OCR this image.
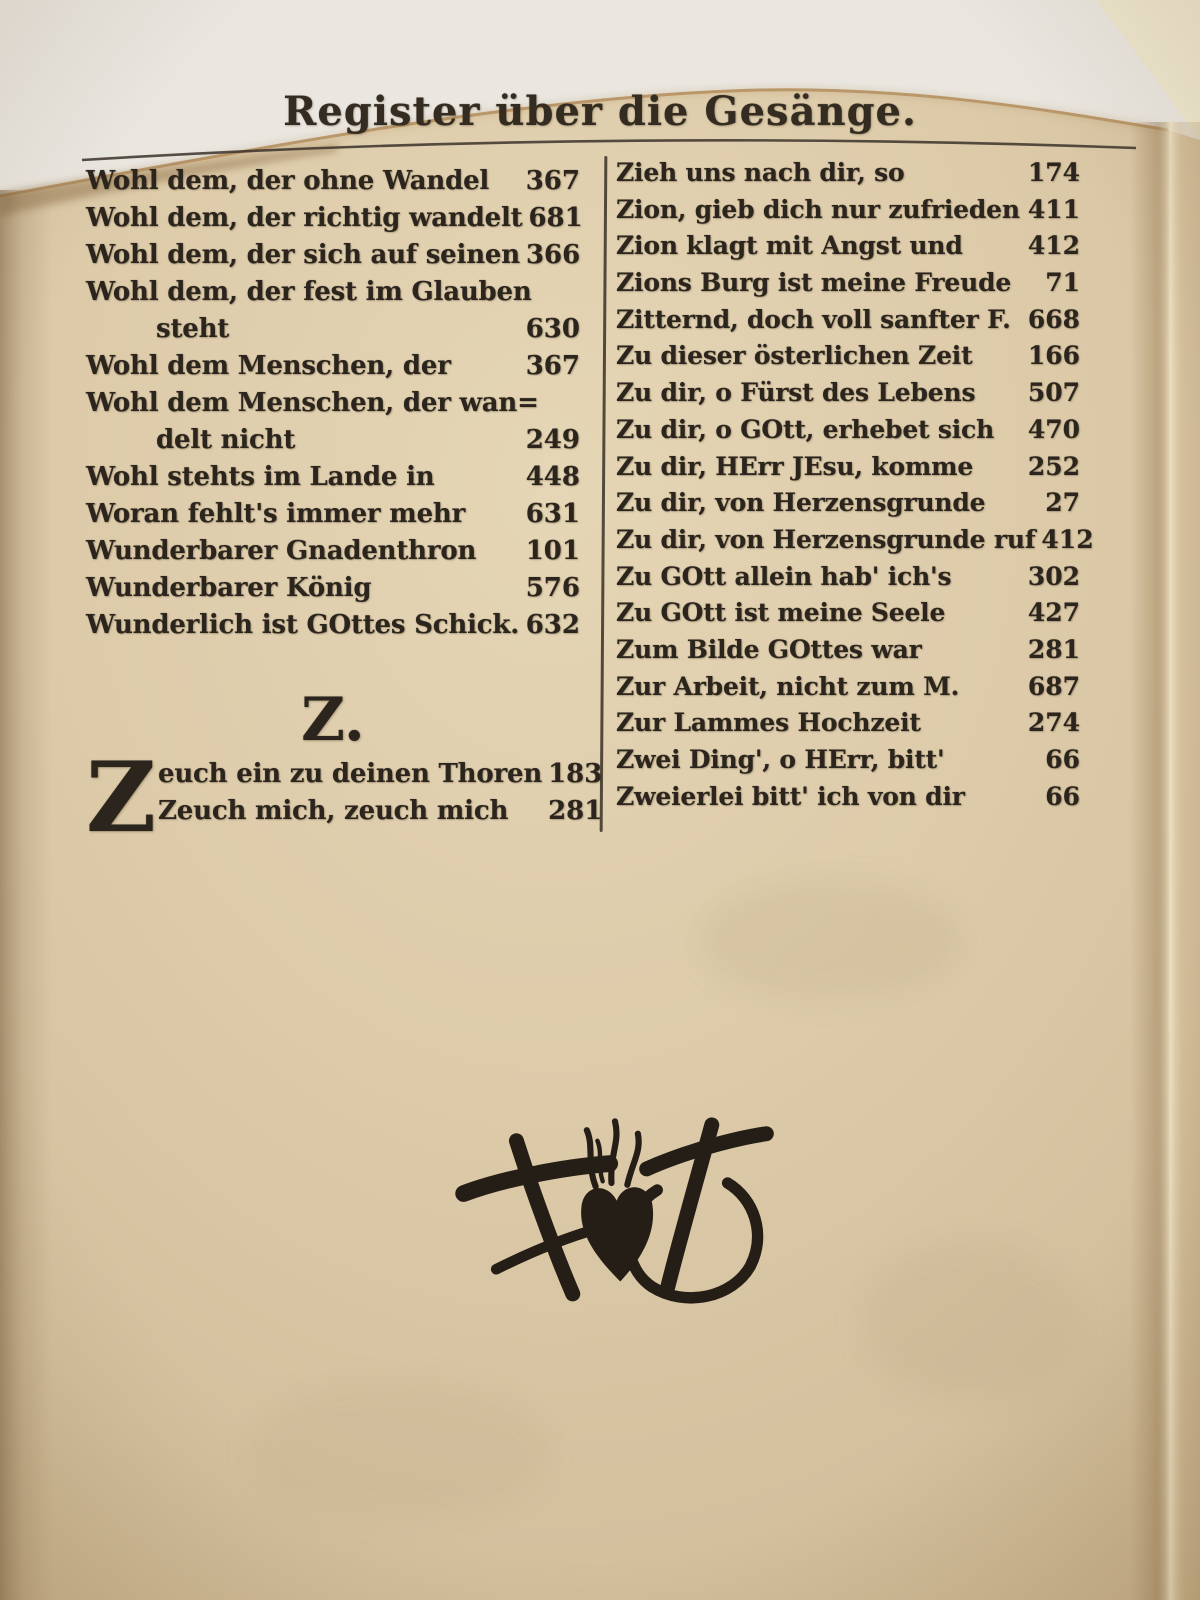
Register über die Gesänge.
Wohl dem, der ohne Wandel 367
Wohl dem, der richtig wandelt 681
Wohl dem, der sich auf seinen 366
Wohl dem, der fest im Glauben
steht	630
Wohl dem Menschen, der	367
Wohl dem Menschen, der wan=
delt nicht	249
Wohl stehts im Lande in	448
Woran fehlt's immer mehr 631
Wunderbarer Gnadenthron 101
Wunderbarer König	576
Wunderlich ist GOttes Schick. 632
Z.
Z euch ein zu deinen Thoren 183
Zeuch mich, zeuch mich 281
Zieh uns nach dir, so	174
Zion, gieb dich nur zufrieden 411
Zion klagt mit Angst und	412
Zions Burg ist meine Freude 71
Zitternd, doch voll sanfter F. 668
Zu dieser österlichen Zeit 166
Zu dir, o Fürst des Lebens 507
Zu dir, o GOtt, erhebet sich 470
Zu dir, HErr JEsu, komme 252
Zu dir, von Herzensgrunde 27
Zu dir, von Herzensgrunde ruf 412
Zu GOtt allein hab' ich's	302
Zu GOtt ist meine Seele	427
Zum Bilde GOttes war	281
Zur Arbeit, nicht zum M.	687
Zur Lammes Hochzeit	274
Zwei Ding', o HErr, bitt'	66
Zweierlei bitt' ich von dir	66
